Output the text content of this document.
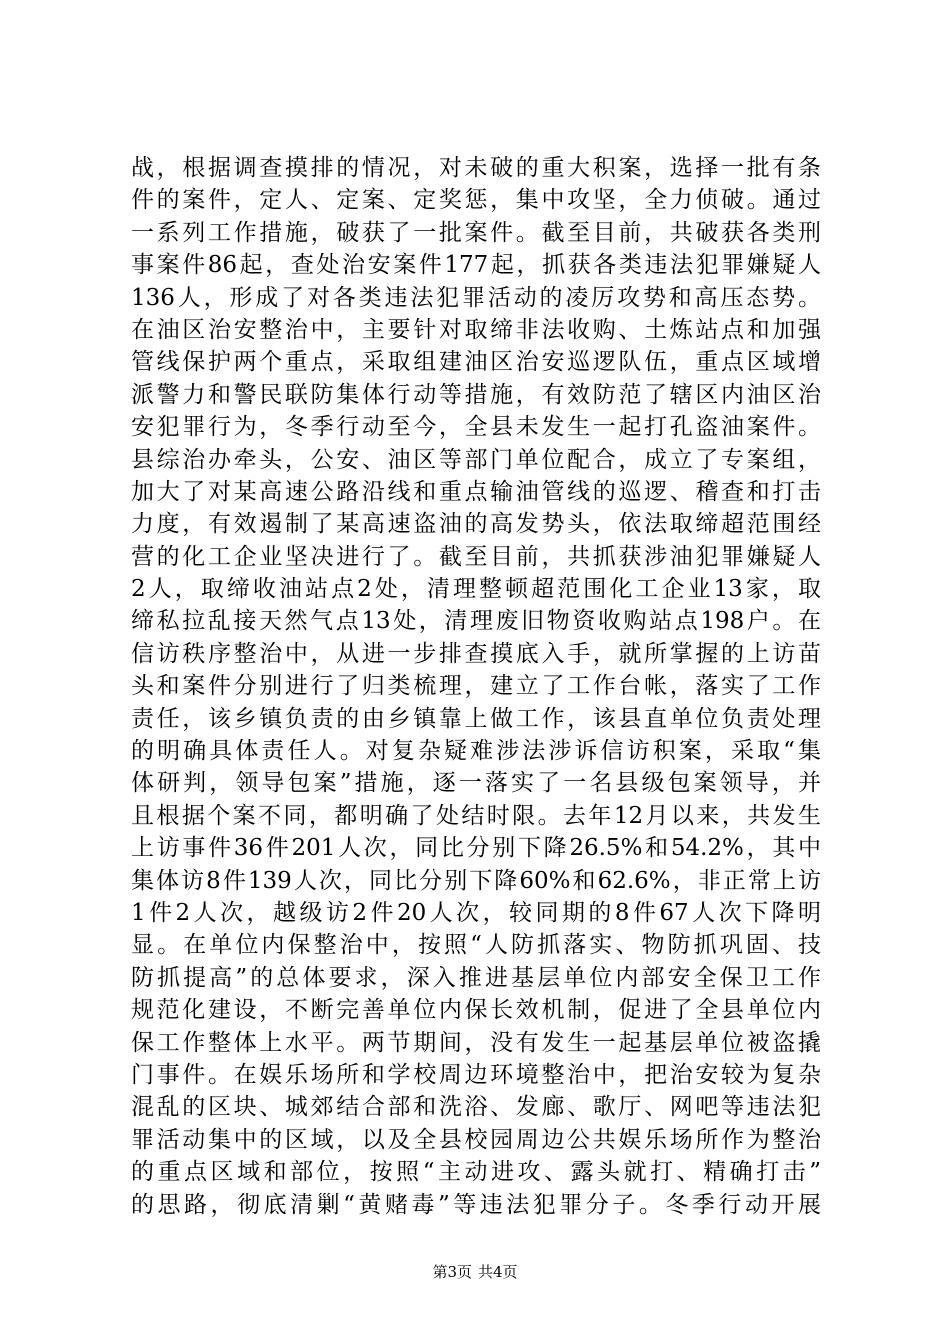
战，根据调查摸排的情况，对未破的重大积案，选择一批有条
件的案件，定人、定案、定奖惩，集中攻坚，全力侦破。通过
一系列工作措施，破获了一批案件。截至目前，共破获各类刑
事案件86起，查处治安案件177起，抓获各类违法犯罪嫌疑人
136人，形成了对各类违法犯罪活动的凌厉攻势和高压态势。
在油区治安整治中，主要针对取缔非法收购、土炼站点和加强
管线保护两个重点，采取组建油区治安巡逻队伍，重点区域增
派警力和警民联防集体行动等措施，有效防范了辖区内油区治
安犯罪行为，冬季行动至今，全县未发生一起打孔盗油案件。
县综治办牵头，公安、油区等部门单位配合，成立了专案组，
加大了对某高速公路沿线和重点输油管线的巡逻、稽查和打击
力度，有效遏制了某高速盗油的高发势头，依法取缔超范围经
营的化工企业坚决进行了。截至目前，共抓获涉油犯罪嫌疑人
2人，取缔收油站点2处，清理整顿超范围化工企业13家，取
缔私拉乱接天然气点13处，清理废旧物资收购站点198户。在
信访秩序整治中，从进一步排查摸底入手，就所掌握的上访苗
头和案件分别进行了归类梳理，建立了工作台帐，落实了工作
责任，该乡镇负责的由乡镇靠上做工作，该县直单位负责处理
的明确具体责任人。对复杂疑难涉法涉诉信访积案，采取“集
体研判，领导包案”措施，逐一落实了一名县级包案领导，并
且根据个案不同，都明确了处结时限。去年12月以来，共发生
上访事件36件201人次，同比分别下降26.5%和54.2%，其中
集体访8件139人次，同比分别下降60%和62.6%，非正常上访
1件2人次，越级访2件20人次，较同期的8件67人次下降明
显。在单位内保整治中，按照“人防抓落实、物防抓巩固、技
防抓提高”的总体要求，深入推进基层单位内部安全保卫工作
规范化建设，不断完善单位内保长效机制，促进了全县单位内
保工作整体上水平。两节期间，没有发生一起基层单位被盗撬
门事件。在娱乐场所和学校周边环境整治中，把治安较为复杂
混乱的区块、城郊结合部和洗浴、发廊、歌厅、网吧等违法犯
罪活动集中的区域，以及全县校园周边公共娱乐场所作为整治
的重点区域和部位，按照“主动进攻、露头就打、精确打击”
的思路，彻底清剿“黄赌毒”等违法犯罪分子。冬季行动开展
第3页 共4页
